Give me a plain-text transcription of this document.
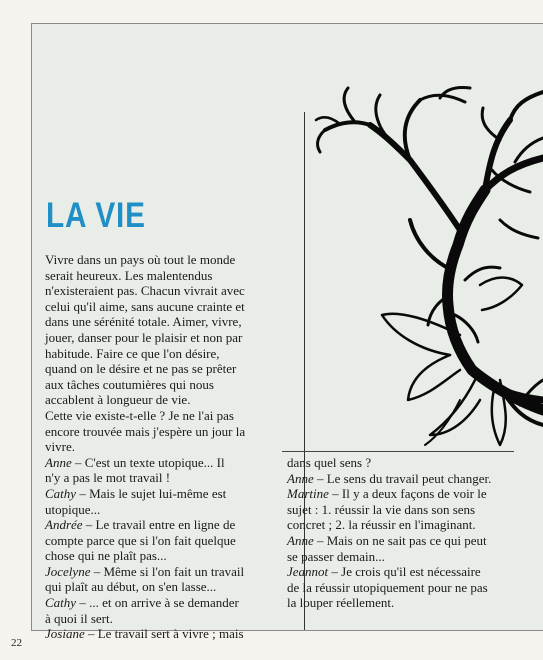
LA VIE
Vivre dans un pays où tout le monde
serait heureux. Les malentendus
n'existeraient pas. Chacun vivrait avec
celui qu'il aime, sans aucune crainte et
dans une sérénité totale. Aimer, vivre,
jouer, danser pour le plaisir et non par
habitude. Faire ce que l'on désire,
quand on le désire et ne pas se prêter
aux tâches coutumières qui nous
accablent à longueur de vie.
Cette vie existe-t-elle ? Je ne l'ai pas
encore trouvée mais j'espère un jour la
vivre.
Anne – C'est un texte utopique... Il
n'y a pas le mot travail !
Cathy – Mais le sujet lui-même est
utopique...
Andrée – Le travail entre en ligne de
compte parce que si l'on fait quelque
chose qui ne plaît pas...
Jocelyne – Même si l'on fait un travail
qui plaît au début, on s'en lasse...
Cathy – ... et on arrive à se demander
à quoi il sert.
Josiane – Le travail sert à vivre ; mais
dans quel sens ?
Anne – Le sens du travail peut changer.
Martine – Il y a deux façons de voir le
sujet : 1. réussir la vie dans son sens
concret ; 2. la réussir en l'imaginant.
Anne – Mais on ne sait pas ce qui peut
se passer demain...
Jeannot – Je crois qu'il est nécessaire
de la réussir utopiquement pour ne pas
la louper réellement.
22
